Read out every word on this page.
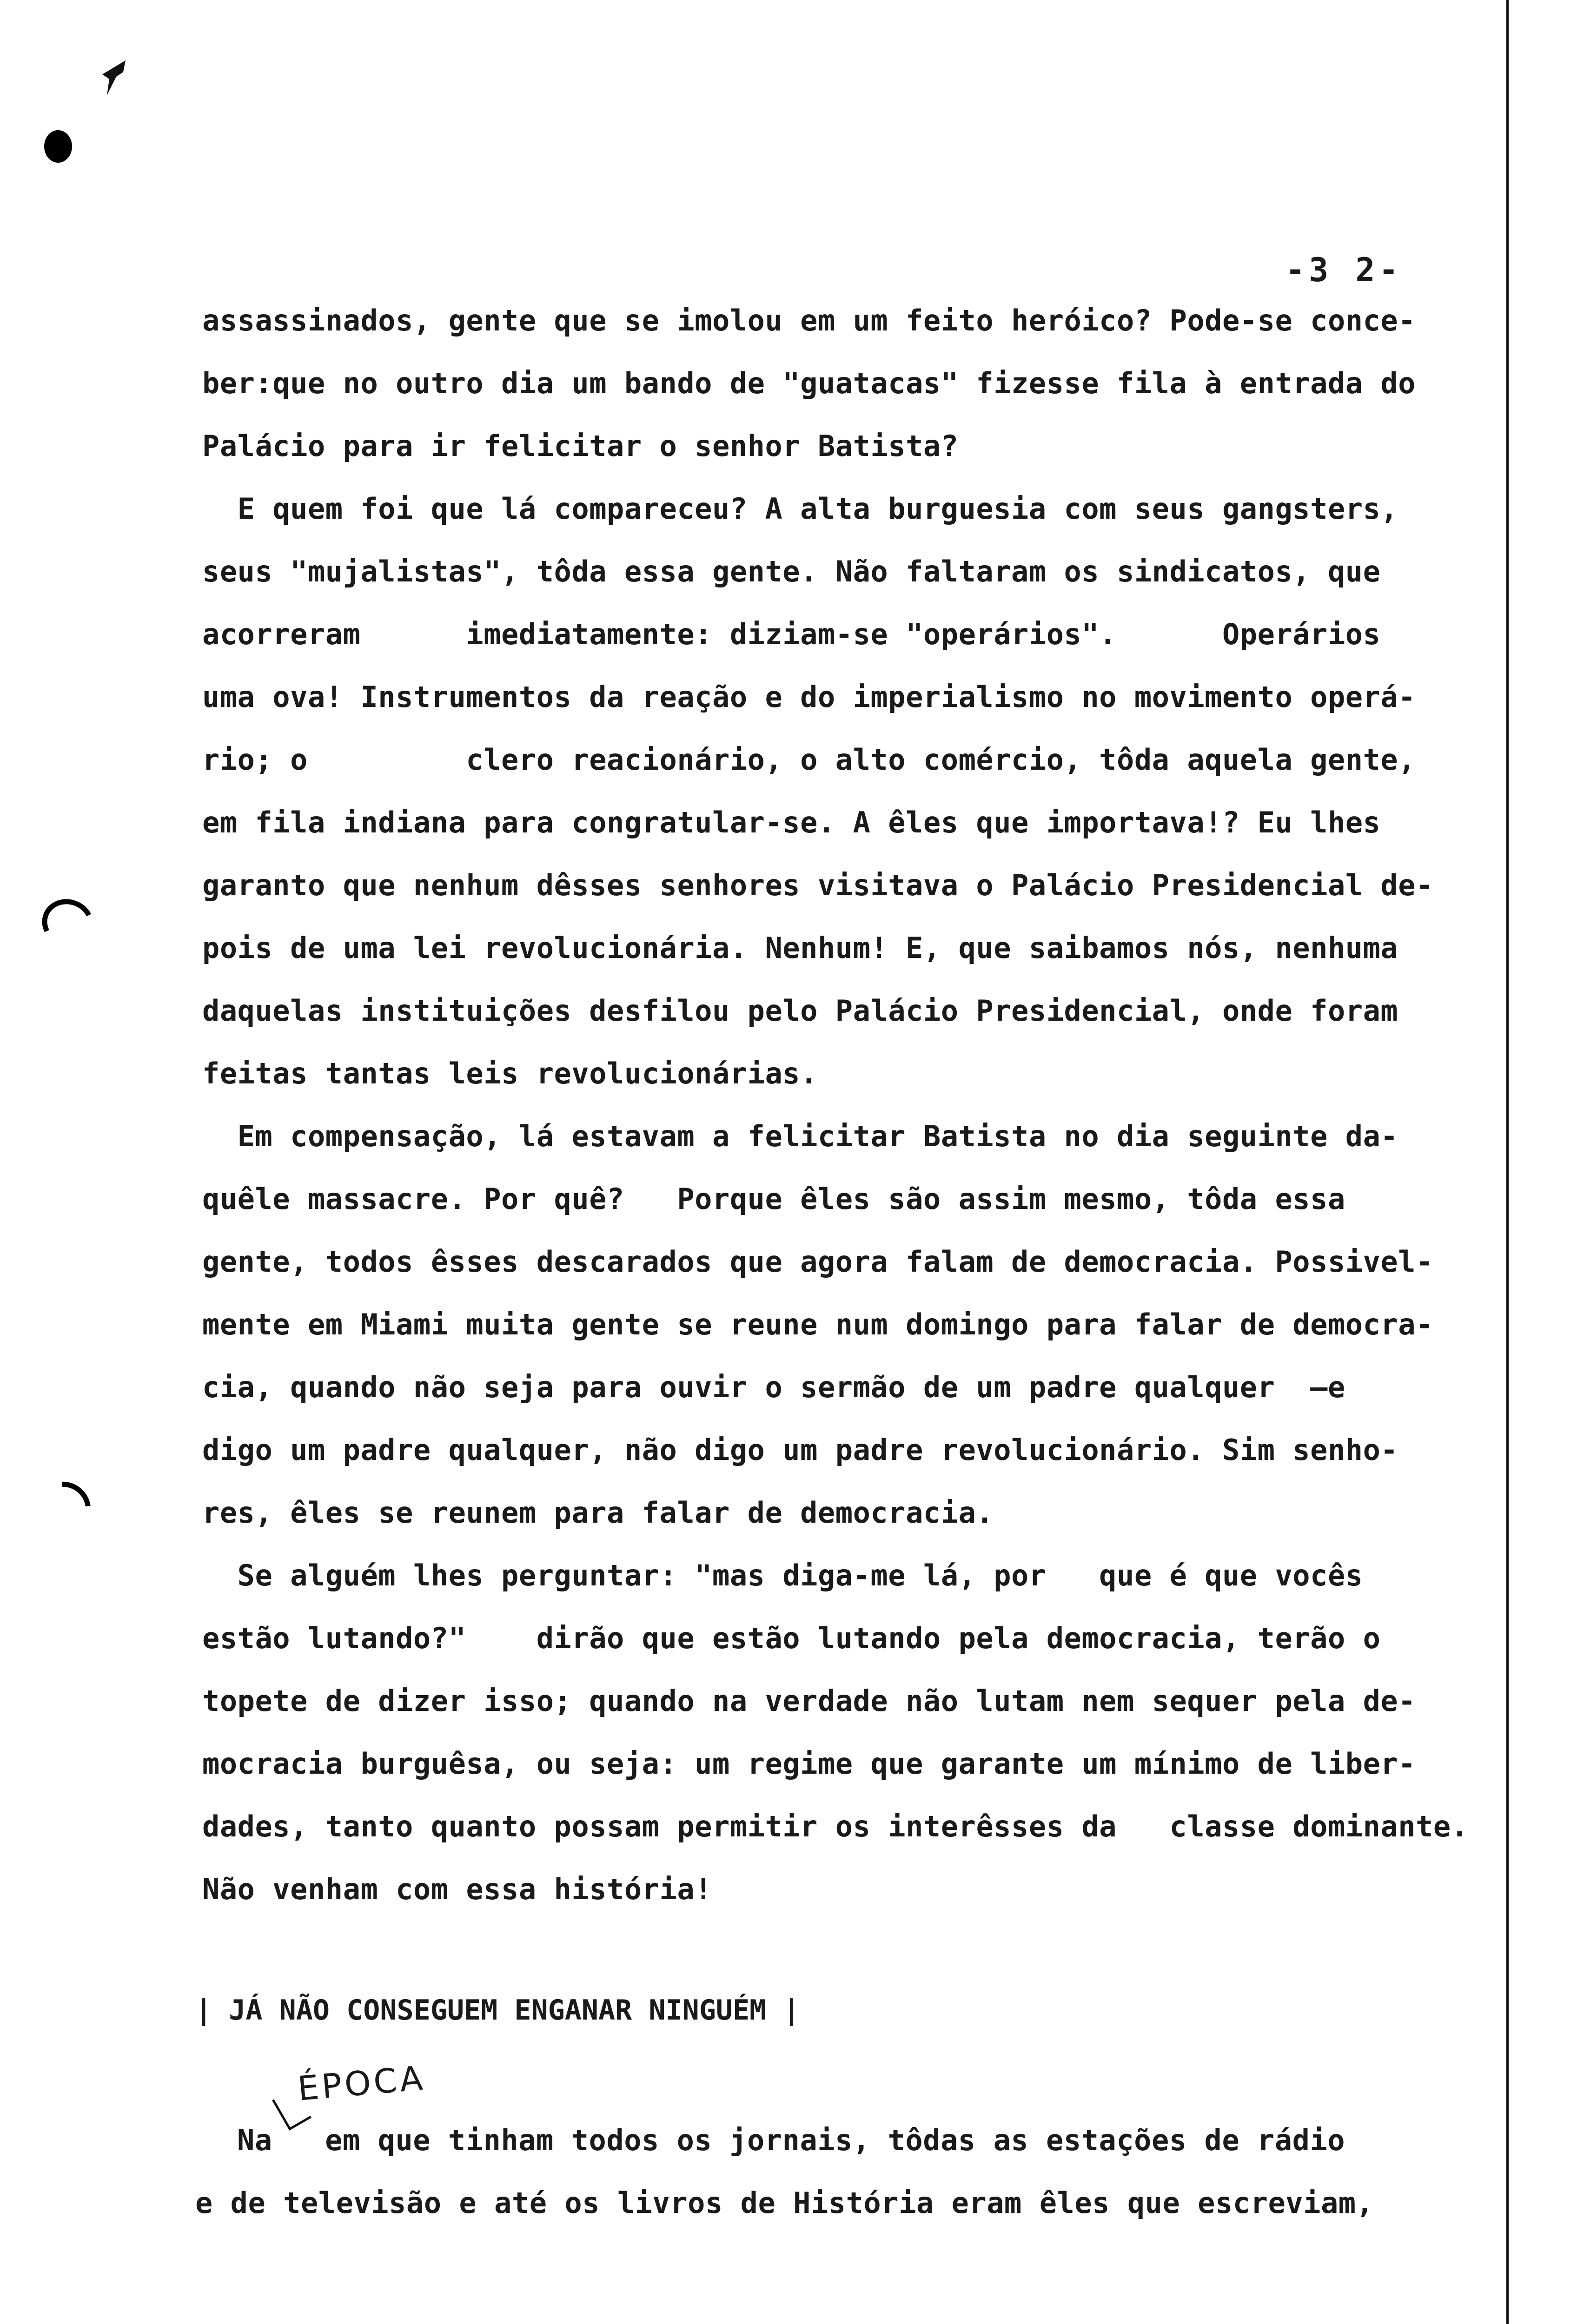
-3 2-
assassinados, gente que se imolou em um feito heróico? Pode-se conce-
ber:que no outro dia um bando de "guatacas" fizesse fila à entrada do
Palácio para ir felicitar o senhor Batista?
E quem foi que lá compareceu? A alta burguesia com seus gangsters,
seus "mujalistas", tôda essa gente. Não faltaram os sindicatos, que
acorreram      imediatamente: diziam-se "operários".      Operários
uma ova! Instrumentos da reação e do imperialismo no movimento operá-
rio; o         clero reacionário, o alto comércio, tôda aquela gente,
em fila indiana para congratular-se. A êles que importava!? Eu lhes
garanto que nenhum dêsses senhores visitava o Palácio Presidencial de-
pois de uma lei revolucionária. Nenhum! E, que saibamos nós, nenhuma
daquelas instituições desfilou pelo Palácio Presidencial, onde foram
feitas tantas leis revolucionárias.
Em compensação, lá estavam a felicitar Batista no dia seguinte da-
quêle massacre. Por quê?   Porque êles são assim mesmo, tôda essa
gente, todos êsses descarados que agora falam de democracia. Possivel-
mente em Miami muita gente se reune num domingo para falar de democra-
cia, quando não seja para ouvir o sermão de um padre qualquer  —e
digo um padre qualquer, não digo um padre revolucionário. Sim senho-
res, êles se reunem para falar de democracia.
Se alguém lhes perguntar: "mas diga-me lá, por   que é que vocês
estão lutando?"    dirão que estão lutando pela democracia, terão o
topete de dizer isso; quando na verdade não lutam nem sequer pela de-
mocracia burguêsa, ou seja: um regime que garante um mínimo de liber-
dades, tanto quanto possam permitir os interêsses da   classe dominante.
Não venham com essa história!
| JÁ NÃO CONSEGUEM ENGANAR NINGUÉM |
ÉPOCA
Na   em que tinham todos os jornais, tôdas as estações de rádio
e de televisão e até os livros de História eram êles que escreviam,
